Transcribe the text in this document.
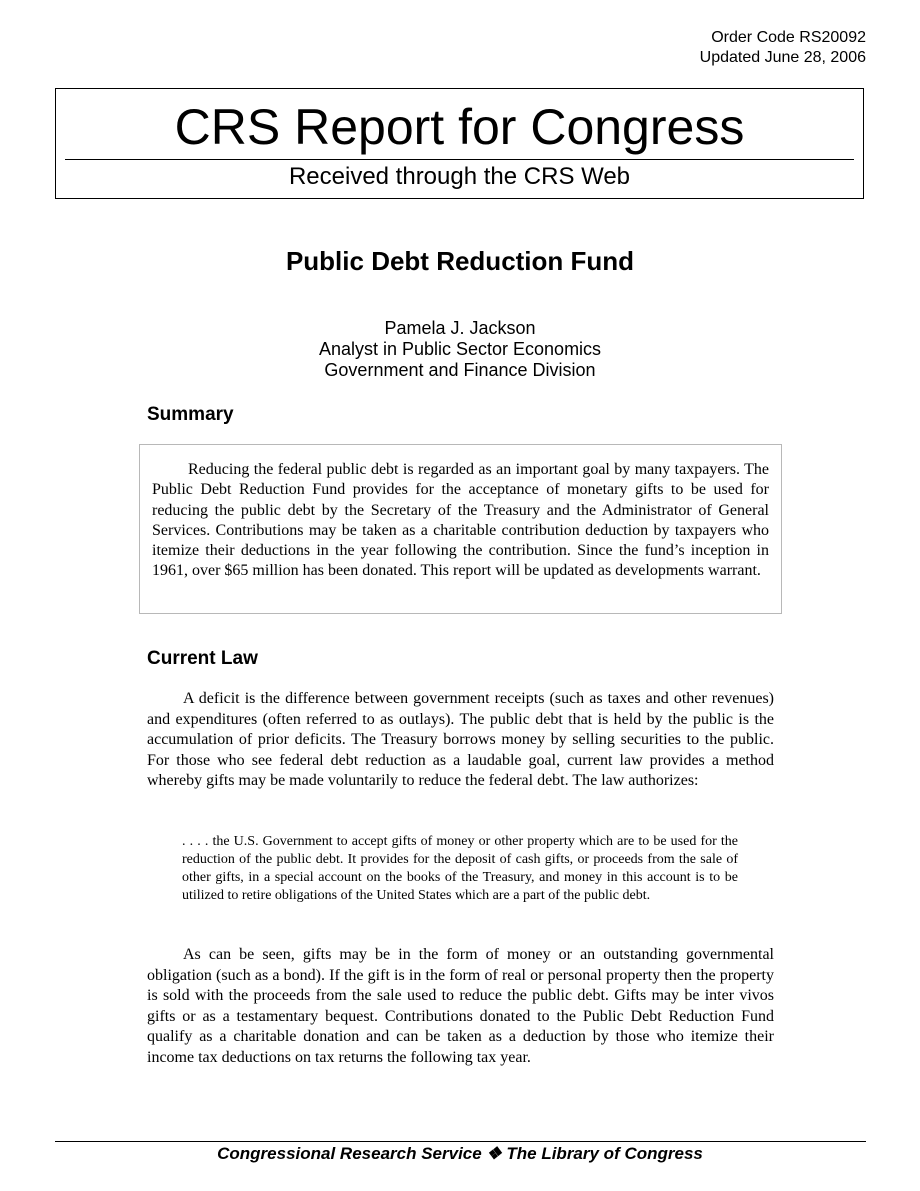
Order Code RS20092
Updated June 28, 2006
CRS Report for Congress
Received through the CRS Web
Public Debt Reduction Fund
Pamela J. Jackson
Analyst in Public Sector Economics
Government and Finance Division
Summary

Reducing the federal public debt is regarded as an important goal by many taxpayers. The Public Debt Reduction Fund provides for the acceptance of monetary gifts to be used for reducing the public debt by the Secretary of the Treasury and the Administrator of General Services. Contributions may be taken as a charitable contribution deduction by taxpayers who itemize their deductions in the year following the contribution. Since the fund’s inception in 1961, over $65 million has been donated. This report will be updated as developments warrant.

Current Law

A deficit is the difference between government receipts (such as taxes and other revenues) and expenditures (often referred to as outlays). The public debt that is held by the public is the accumulation of prior deficits. The Treasury borrows money by selling securities to the public. For those who see federal debt reduction as a laudable goal, current law provides a method whereby gifts may be made voluntarily to reduce the federal debt. The law authorizes:

. . . . the U.S. Government to accept gifts of money or other property which are to be used for the reduction of the public debt. It provides for the deposit of cash gifts, or proceeds from the sale of other gifts, in a special account on the books of the Treasury, and money in this account is to be utilized to retire obligations of the United States which are a part of the public debt.

As can be seen, gifts may be in the form of money or an outstanding governmental obligation (such as a bond). If the gift is in the form of real or personal property then the property is sold with the proceeds from the sale used to reduce the public debt. Gifts may be inter vivos gifts or as a testamentary bequest. Contributions donated to the Public Debt Reduction Fund qualify as a charitable donation and can be taken as a deduction by those who itemize their income tax deductions on tax returns the following tax year.

Congressional Research Service ❖ The Library of Congress
